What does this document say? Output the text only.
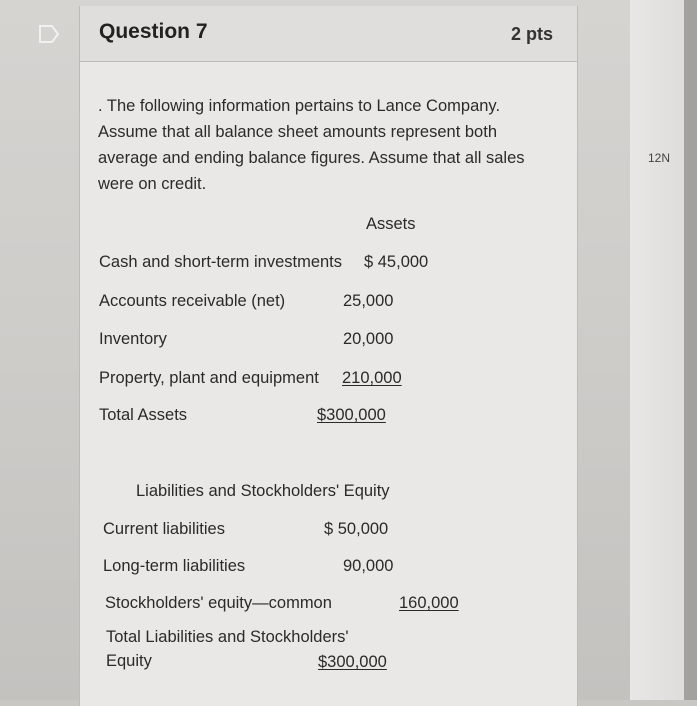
12N
Question 7	2 pts
. The following information pertains to Lance Company.
Assume that all balance sheet amounts represent both
average and ending balance figures. Assume that all sales
were on credit.
Assets
Cash and short-term investments $ 45,000
Accounts receivable (net)	25,000
Inventory	20,000
Property, plant and equipment	210,000
Total Assets	$300,000
Liabilities and Stockholders' Equity
Current liabilities	$ 50,000
Long-term liabilities	90,000
Stockholders' equity—common	160,000
Total Liabilities and Stockholders'
Equity	$300,000
